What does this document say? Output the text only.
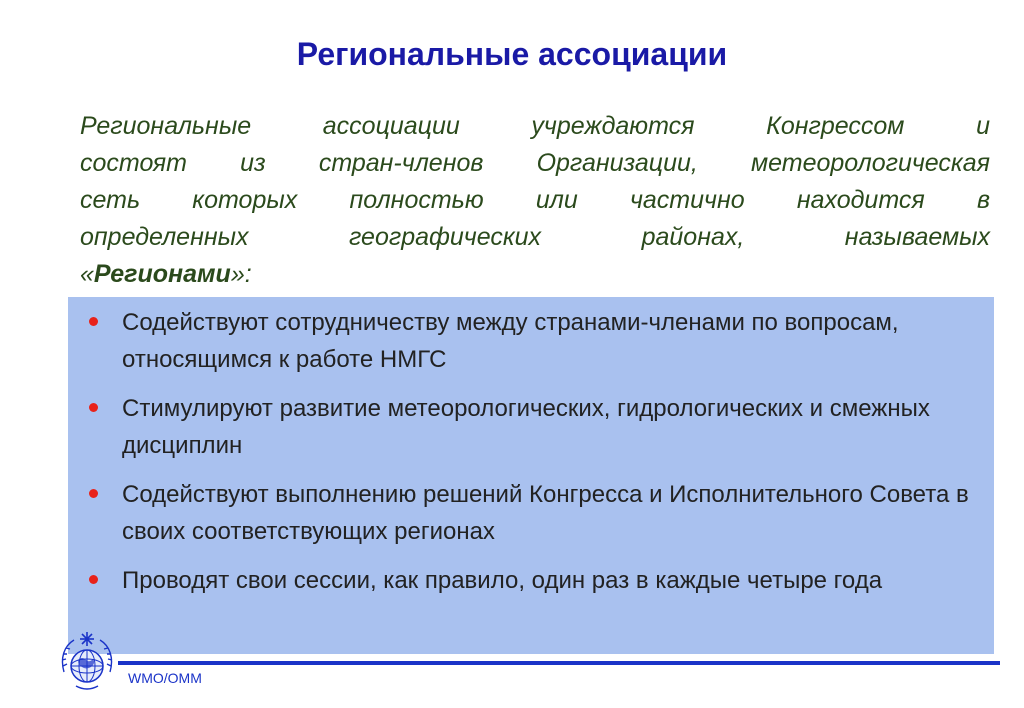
Региональные ассоциации
Региональные ассоциации учреждаются Конгрессом и
состоят из стран-членов Организации, метеорологическая
сеть которых полностью или частично находится в
определенных географических районах, называемых
«Регионами»:
Содействуют сотрудничеству между странами-членами по вопросам, относящимся к работе НМГС
Стимулируют развитие метеорологических, гидрологических и смежных дисциплин
Содействуют выполнению решений Конгресса и Исполнительного Совета в своих соответствующих регионах
Проводят свои сессии, как правило, один раз в каждые четыре года
WMO/OMM
